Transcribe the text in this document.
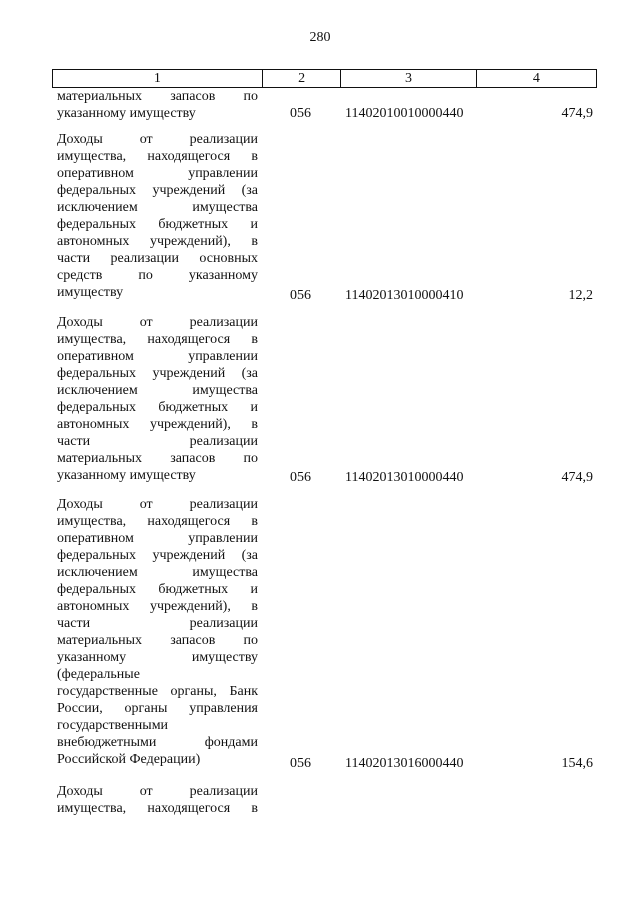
280
1	2	3	4
материальных запасов по
указанному имуществу	056	11402010010000440	474,9
Доходы от реализации
имущества, находящегося в
оперативном управлении
федеральных учреждений (за
исключением имущества
федеральных бюджетных и
автономных учреждений), в
части реализации основных
средств по указанному
имуществу	056	11402013010000410	12,2
Доходы от реализации
имущества, находящегося в
оперативном управлении
федеральных учреждений (за
исключением имущества
федеральных бюджетных и
автономных учреждений), в
части реализации
материальных запасов по
указанному имуществу	056	11402013010000440	474,9
Доходы от реализации
имущества, находящегося в
оперативном управлении
федеральных учреждений (за
исключением имущества
федеральных бюджетных и
автономных учреждений), в
части реализации
материальных запасов по
указанному имуществу
(федеральные
государственные органы, Банк
России, органы управления
государственными
внебюджетными фондами
Российской Федерации)	056	11402013016000440	154,6
Доходы от реализации
имущества, находящегося в
